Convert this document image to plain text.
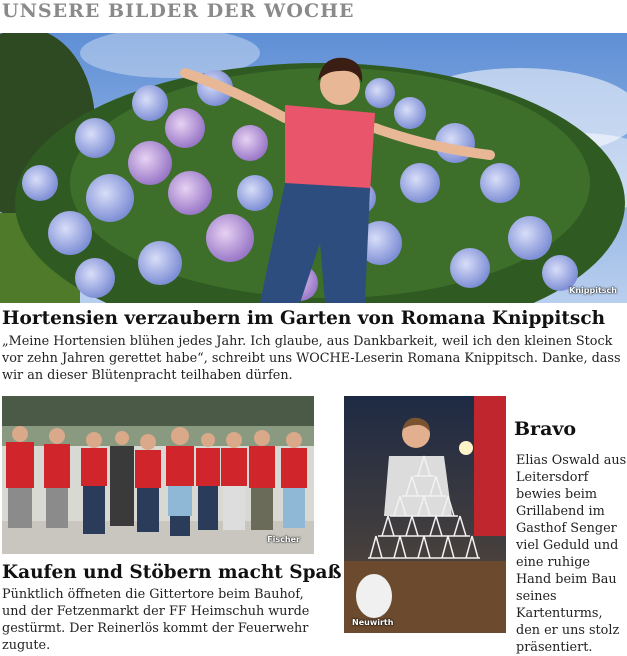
UNSERE BILDER DER WOCHE
Knippitsch
Hortensien verzaubern im Garten von Romana Knippitsch
„Meine Hortensien blühen jedes Jahr. Ich glaube, aus Dankbarkeit, weil ich den kleinen Stock vor zehn Jahren gerettet habe“, schreibt uns WOCHE-Leserin Romana Knippitsch. Danke, dass wir an dieser Blütenpracht teilhaben dürfen.
Fischer
Kaufen und Stöbern macht Spaß
Pünktlich öffneten die Gittertore beim Bauhof, und der Fetzenmarkt der FF Heimschuh wurde gestürmt. Der Reinerlös kommt der Feuerwehr zugute.
Neuwirth
Bravo
Elias Oswald aus Leitersdorf bewies beim Grillabend im Gasthof Senger viel Geduld und eine ruhige Hand beim Bau seines Kartenturms, den er uns stolz präsentiert.
